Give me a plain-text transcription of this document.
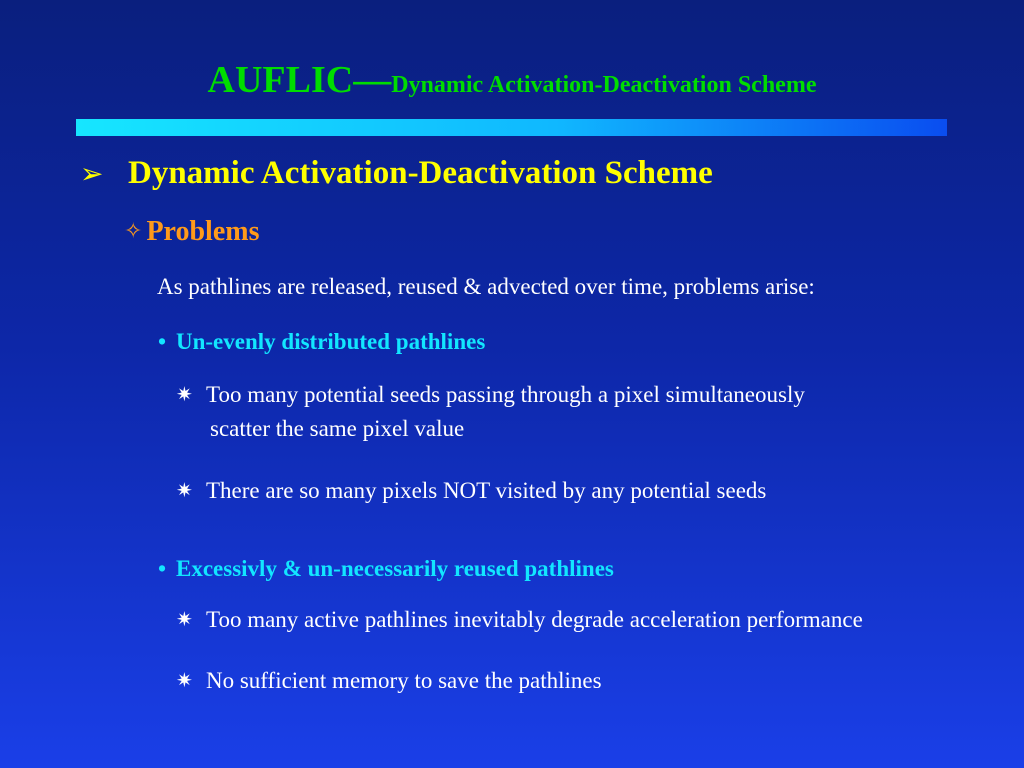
AUFLIC—Dynamic Activation-Deactivation Scheme
➢ Dynamic Activation-Deactivation Scheme
✧ Problems
As pathlines are released, reused & advected over time, problems arise:
• Un-evenly distributed pathlines
✷ Too many potential seeds passing through a pixel simultaneously
scatter the same pixel value
✷ There are so many pixels NOT visited by any potential seeds
• Excessivly & un-necessarily reused pathlines
✷ Too many active pathlines inevitably degrade acceleration performance
✷ No sufficient memory to save the pathlines
